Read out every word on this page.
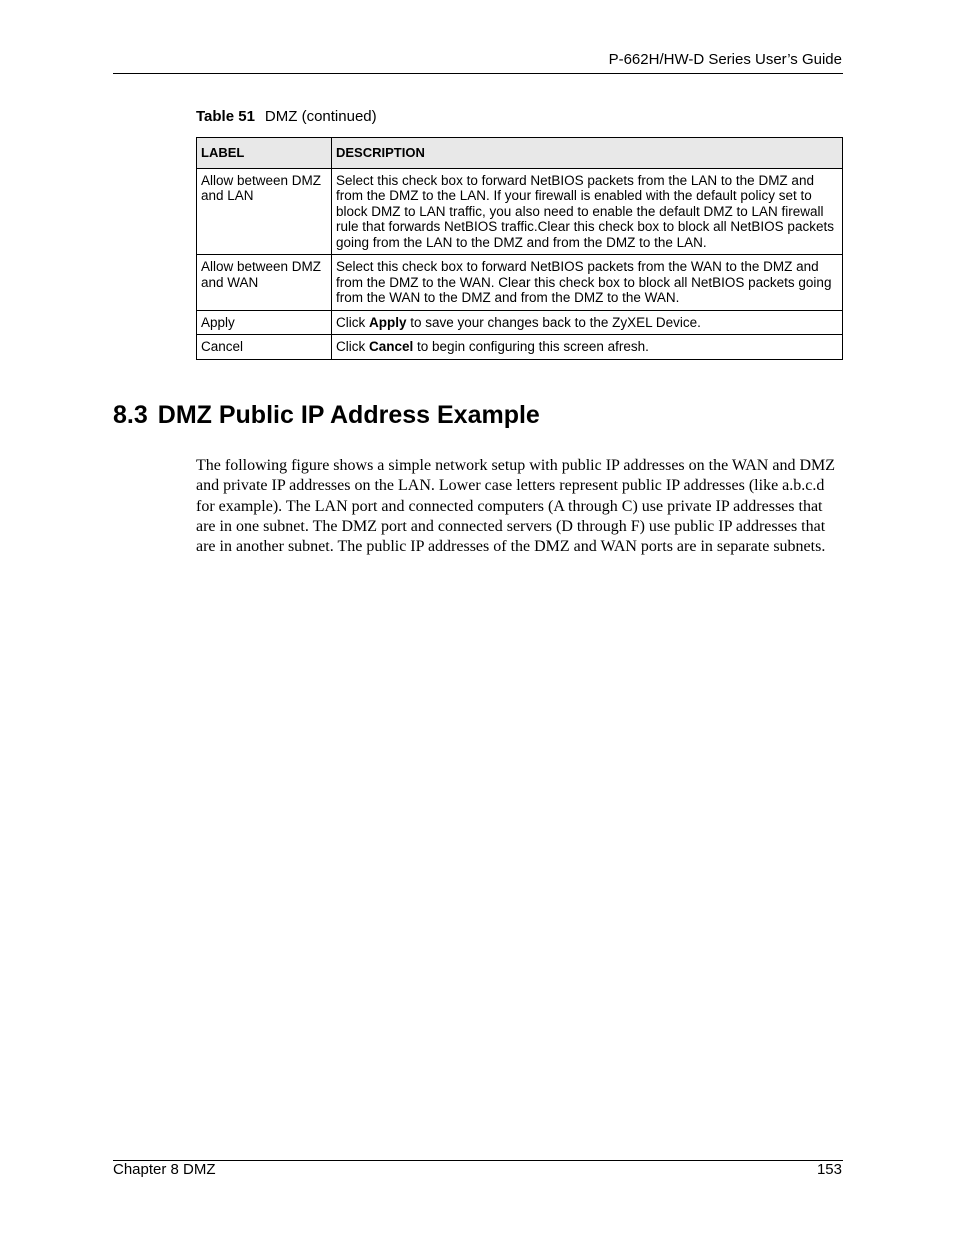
P-662H/HW-D Series User’s Guide
Table 51 DMZ (continued)
LABEL	DESCRIPTION
Allow between DMZ and LAN	Select this check box to forward NetBIOS packets from the LAN to the DMZ and from the DMZ to the LAN. If your firewall is enabled with the default policy set to block DMZ to LAN traffic, you also need to enable the default DMZ to LAN firewall rule that forwards NetBIOS traffic.Clear this check box to block all NetBIOS packets going from the LAN to the DMZ and from the DMZ to the LAN.
Allow between DMZ and WAN	Select this check box to forward NetBIOS packets from the WAN to the DMZ and from the DMZ to the WAN. Clear this check box to block all NetBIOS packets going from the WAN to the DMZ and from the DMZ to the WAN.
Apply	Click Apply to save your changes back to the ZyXEL Device.
Cancel	Click Cancel to begin configuring this screen afresh.
8.3 DMZ Public IP Address Example

The following figure shows a simple network setup with public IP addresses on the WAN and DMZ and private IP addresses on the LAN. Lower case letters represent public IP addresses (like a.b.c.d for example). The LAN port and connected computers (A through C) use private IP addresses that are in one subnet. The DMZ port and connected servers (D through F) use public IP addresses that are in another subnet. The public IP addresses of the DMZ and WAN ports are in separate subnets.

Chapter 8 DMZ	153
